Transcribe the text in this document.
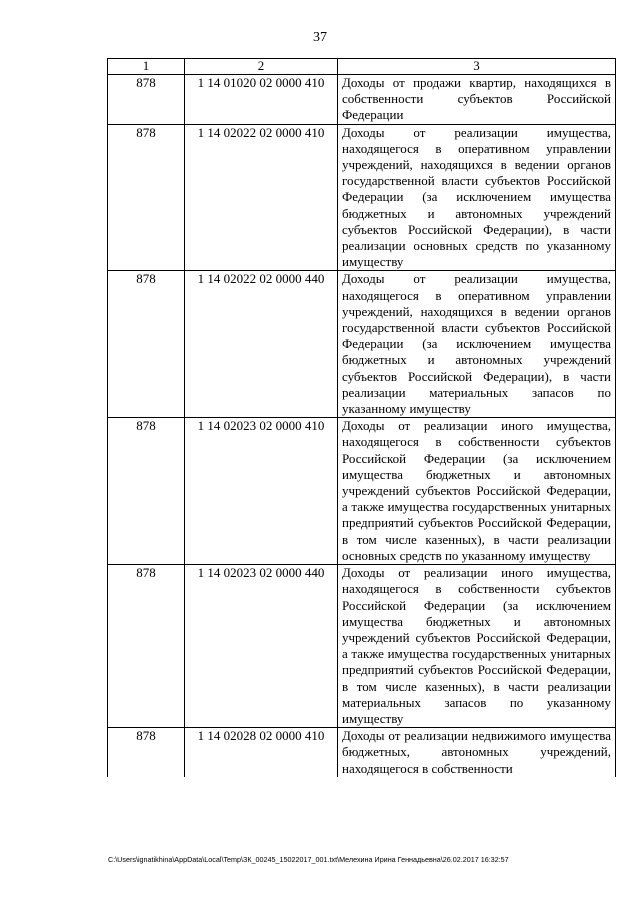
37
1	2	3
878	1 14 01020 02 0000 410	Доходы от продажи квартир, находящихся в собственности субъектов Российской Федерации
878	1 14 02022 02 0000 410	Доходы от реализации имущества, находящегося в оперативном управлении учреждений, находящихся в ведении органов государственной власти субъектов Российской Федерации (за исключением имущества бюджетных и автономных учреждений субъектов Российской Федерации), в части реализации основных средств по указанному имуществу
878	1 14 02022 02 0000 440	Доходы от реализации имущества, находящегося в оперативном управлении учреждений, находящихся в ведении органов государственной власти субъектов Российской Федерации (за исключением имущества бюджетных и автономных учреждений субъектов Российской Федерации), в части реализации материальных запасов по указанному имуществу
878	1 14 02023 02 0000 410	Доходы от реализации иного имущества, находящегося в собственности субъектов Российской Федерации (за исключением имущества бюджетных и автономных учреждений субъектов Российской Федерации, а также имущества государственных унитарных предприятий субъектов Российской Федерации, в том числе казенных), в части реализации основных средств по указанному имуществу
878	1 14 02023 02 0000 440	Доходы от реализации иного имущества, находящегося в собственности субъектов Российской Федерации (за исключением имущества бюджетных и автономных учреждений субъектов Российской Федерации, а также имущества государственных унитарных предприятий субъектов Российской Федерации, в том числе казенных), в части реализации материальных запасов по указанному имуществу
878	1 14 02028 02 0000 410	Доходы от реализации недвижимого имущества бюджетных, автономных учреждений, находящегося в собственности
C:\Users\ignatikhina\AppData\Local\Temp\ЗК_00245_15022017_001.txt\Мелехина Ирина Геннадьевна\26.02.2017 16:32:57
